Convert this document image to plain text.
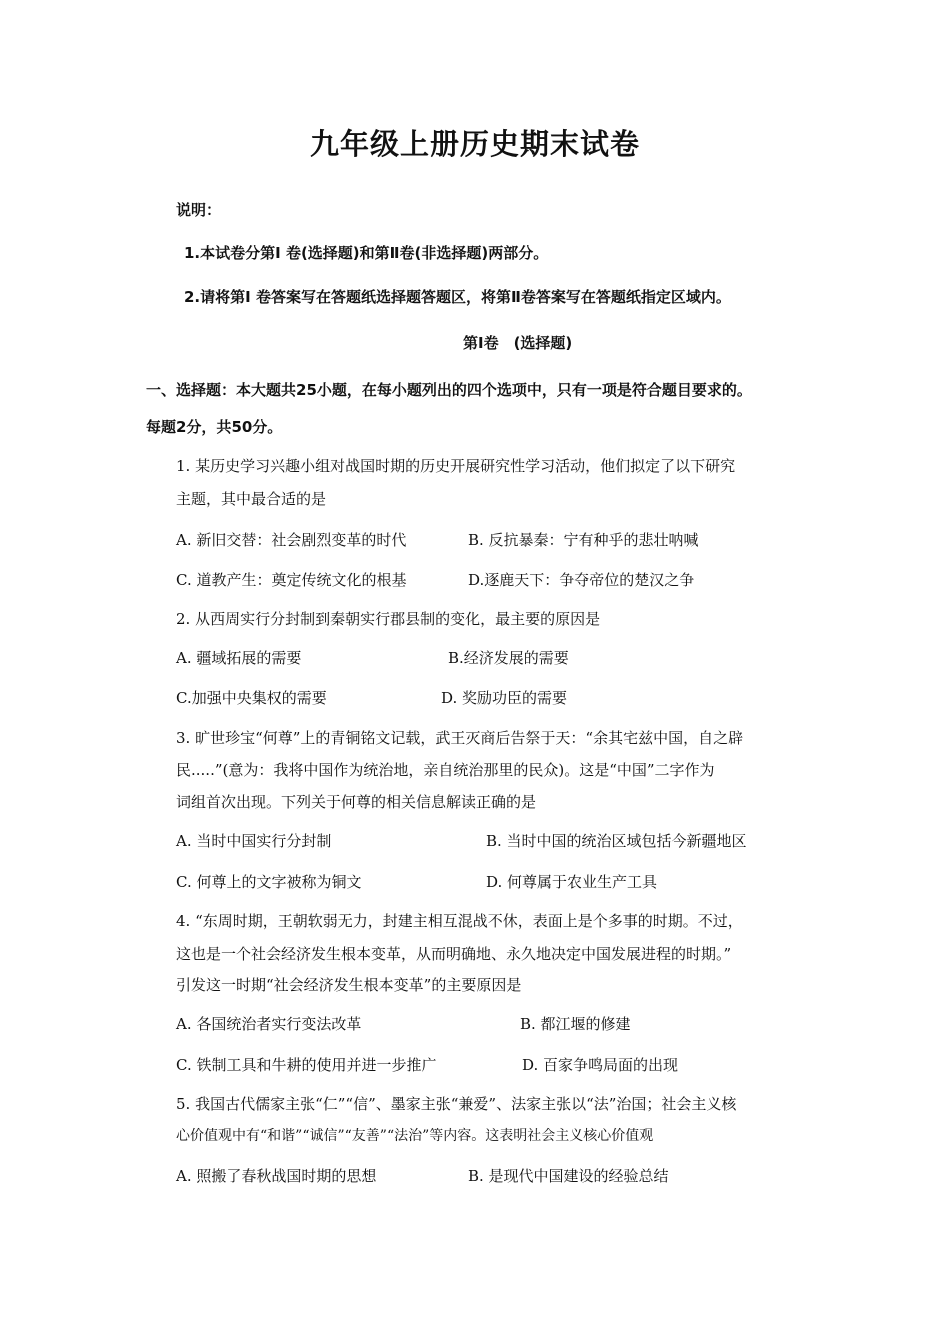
九年级上册历史期末试卷
说明：
1.本试卷分第I 卷(选择题)和第Ⅱ卷(非选择题)两部分。
2.请将第I 卷答案写在答题纸选择题答题区，将第Ⅱ卷答案写在答题纸指定区域内。
第Ⅰ卷　(选择题)
一、选择题：本大题共25小题，在每小题列出的四个选项中，只有一项是符合题目要求的。
每题2分，共50分。
1. 某历史学习兴趣小组对战国时期的历史开展研究性学习活动，他们拟定了以下研究
主题，其中最合适的是
A. 新旧交替：社会剧烈变革的时代	B. 反抗暴秦：宁有种乎的悲壮呐喊
C. 道教产生：奠定传统文化的根基	D.逐鹿天下：争夺帝位的楚汉之争
2. 从西周实行分封制到秦朝实行郡县制的变化，最主要的原因是
A. 疆域拓展的需要	B.经济发展的需要
C.加强中央集权的需要	D. 奖励功臣的需要
3. 旷世珍宝“何尊”上的青铜铭文记载，武王灭商后告祭于天：“余其宅兹中国，自之辟
民.....”(意为：我将中国作为统治地，亲自统治那里的民众)。这是“中国”二字作为
词组首次出现。下列关于何尊的相关信息解读正确的是
A. 当时中国实行分封制	B. 当时中国的统治区域包括今新疆地区
C. 何尊上的文字被称为铜文	D. 何尊属于农业生产工具
4. “东周时期，王朝软弱无力，封建主相互混战不休，表面上是个多事的时期。不过，
这也是一个社会经济发生根本变革，从而明确地、永久地决定中国发展进程的时期。”
引发这一时期“社会经济发生根本变革”的主要原因是
A. 各国统治者实行变法改革	B. 都江堰的修建
C. 铁制工具和牛耕的使用并进一步推广	D. 百家争鸣局面的出现
5. 我国古代儒家主张“仁”“信”、墨家主张“兼爱”、法家主张以“法”治国；社会主义核
心价值观中有“和谐”“诚信”“友善”“法治”等内容。这表明社会主义核心价值观
A. 照搬了春秋战国时期的思想	B. 是现代中国建设的经验总结
